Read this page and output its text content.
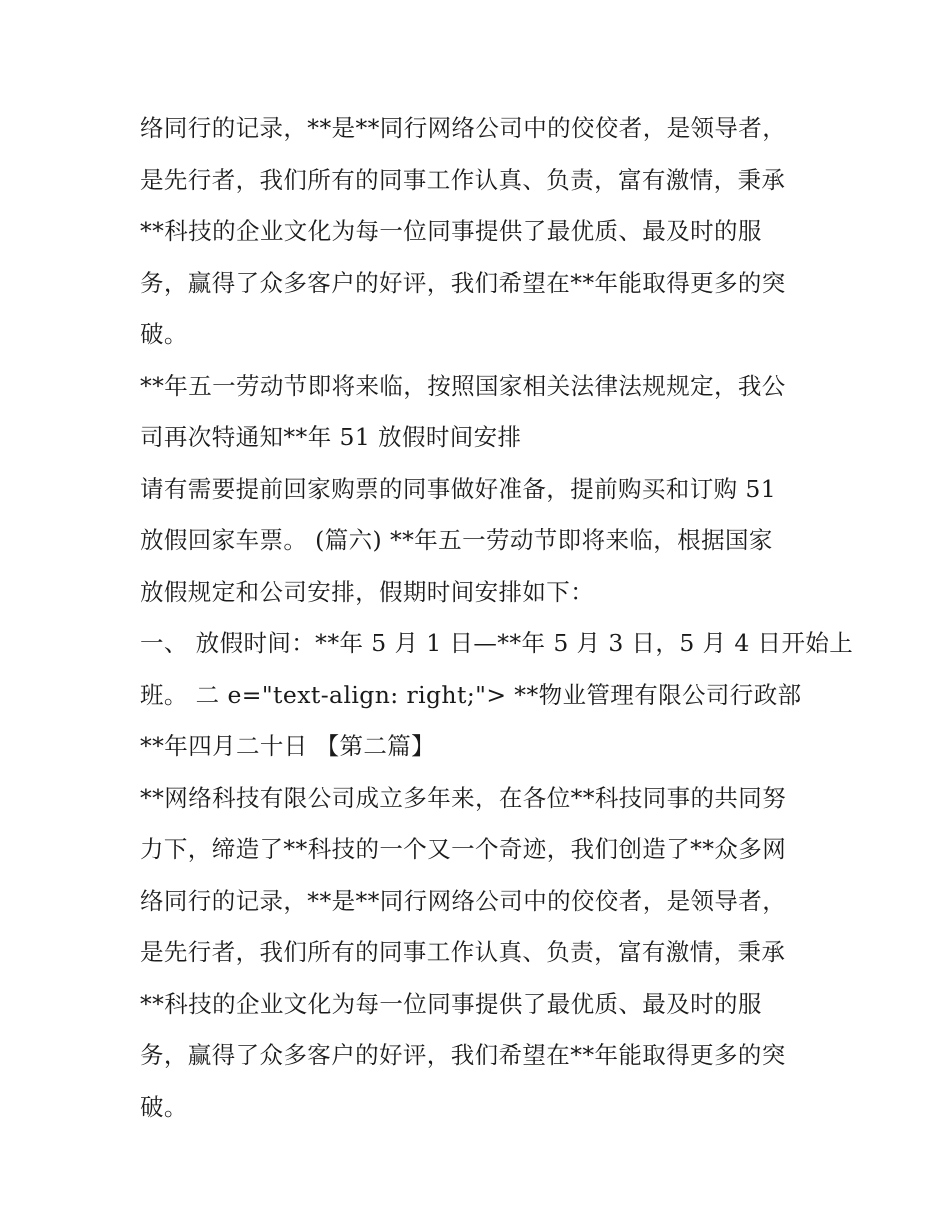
络同行的记录，**是**同行网络公司中的佼佼者，是领导者，
是先行者，我们所有的同事工作认真、负责，富有激情，秉承
**科技的企业文化为每一位同事提供了最优质、最及时的服
务，赢得了众多客户的好评，我们希望在**年能取得更多的突
破。
**年五一劳动节即将来临，按照国家相关法律法规规定，我公
司再次特通知**年 51 放假时间安排
请有需要提前回家购票的同事做好准备，提前购买和订购 51
放假回家车票。 (篇六) **年五一劳动节即将来临，根据国家
放假规定和公司安排，假期时间安排如下：
一、 放假时间：**年 5 月 1 日—**年 5 月 3 日，5 月 4 日开始上
班。 二 e="text-align: right;"> **物业管理有限公司行政部
**年四月二十日 【第二篇】
**网络科技有限公司成立多年来，在各位**科技同事的共同努
力下，缔造了**科技的一个又一个奇迹，我们创造了**众多网
络同行的记录，**是**同行网络公司中的佼佼者，是领导者，
是先行者，我们所有的同事工作认真、负责，富有激情，秉承
**科技的企业文化为每一位同事提供了最优质、最及时的服
务，赢得了众多客户的好评，我们希望在**年能取得更多的突
破。
